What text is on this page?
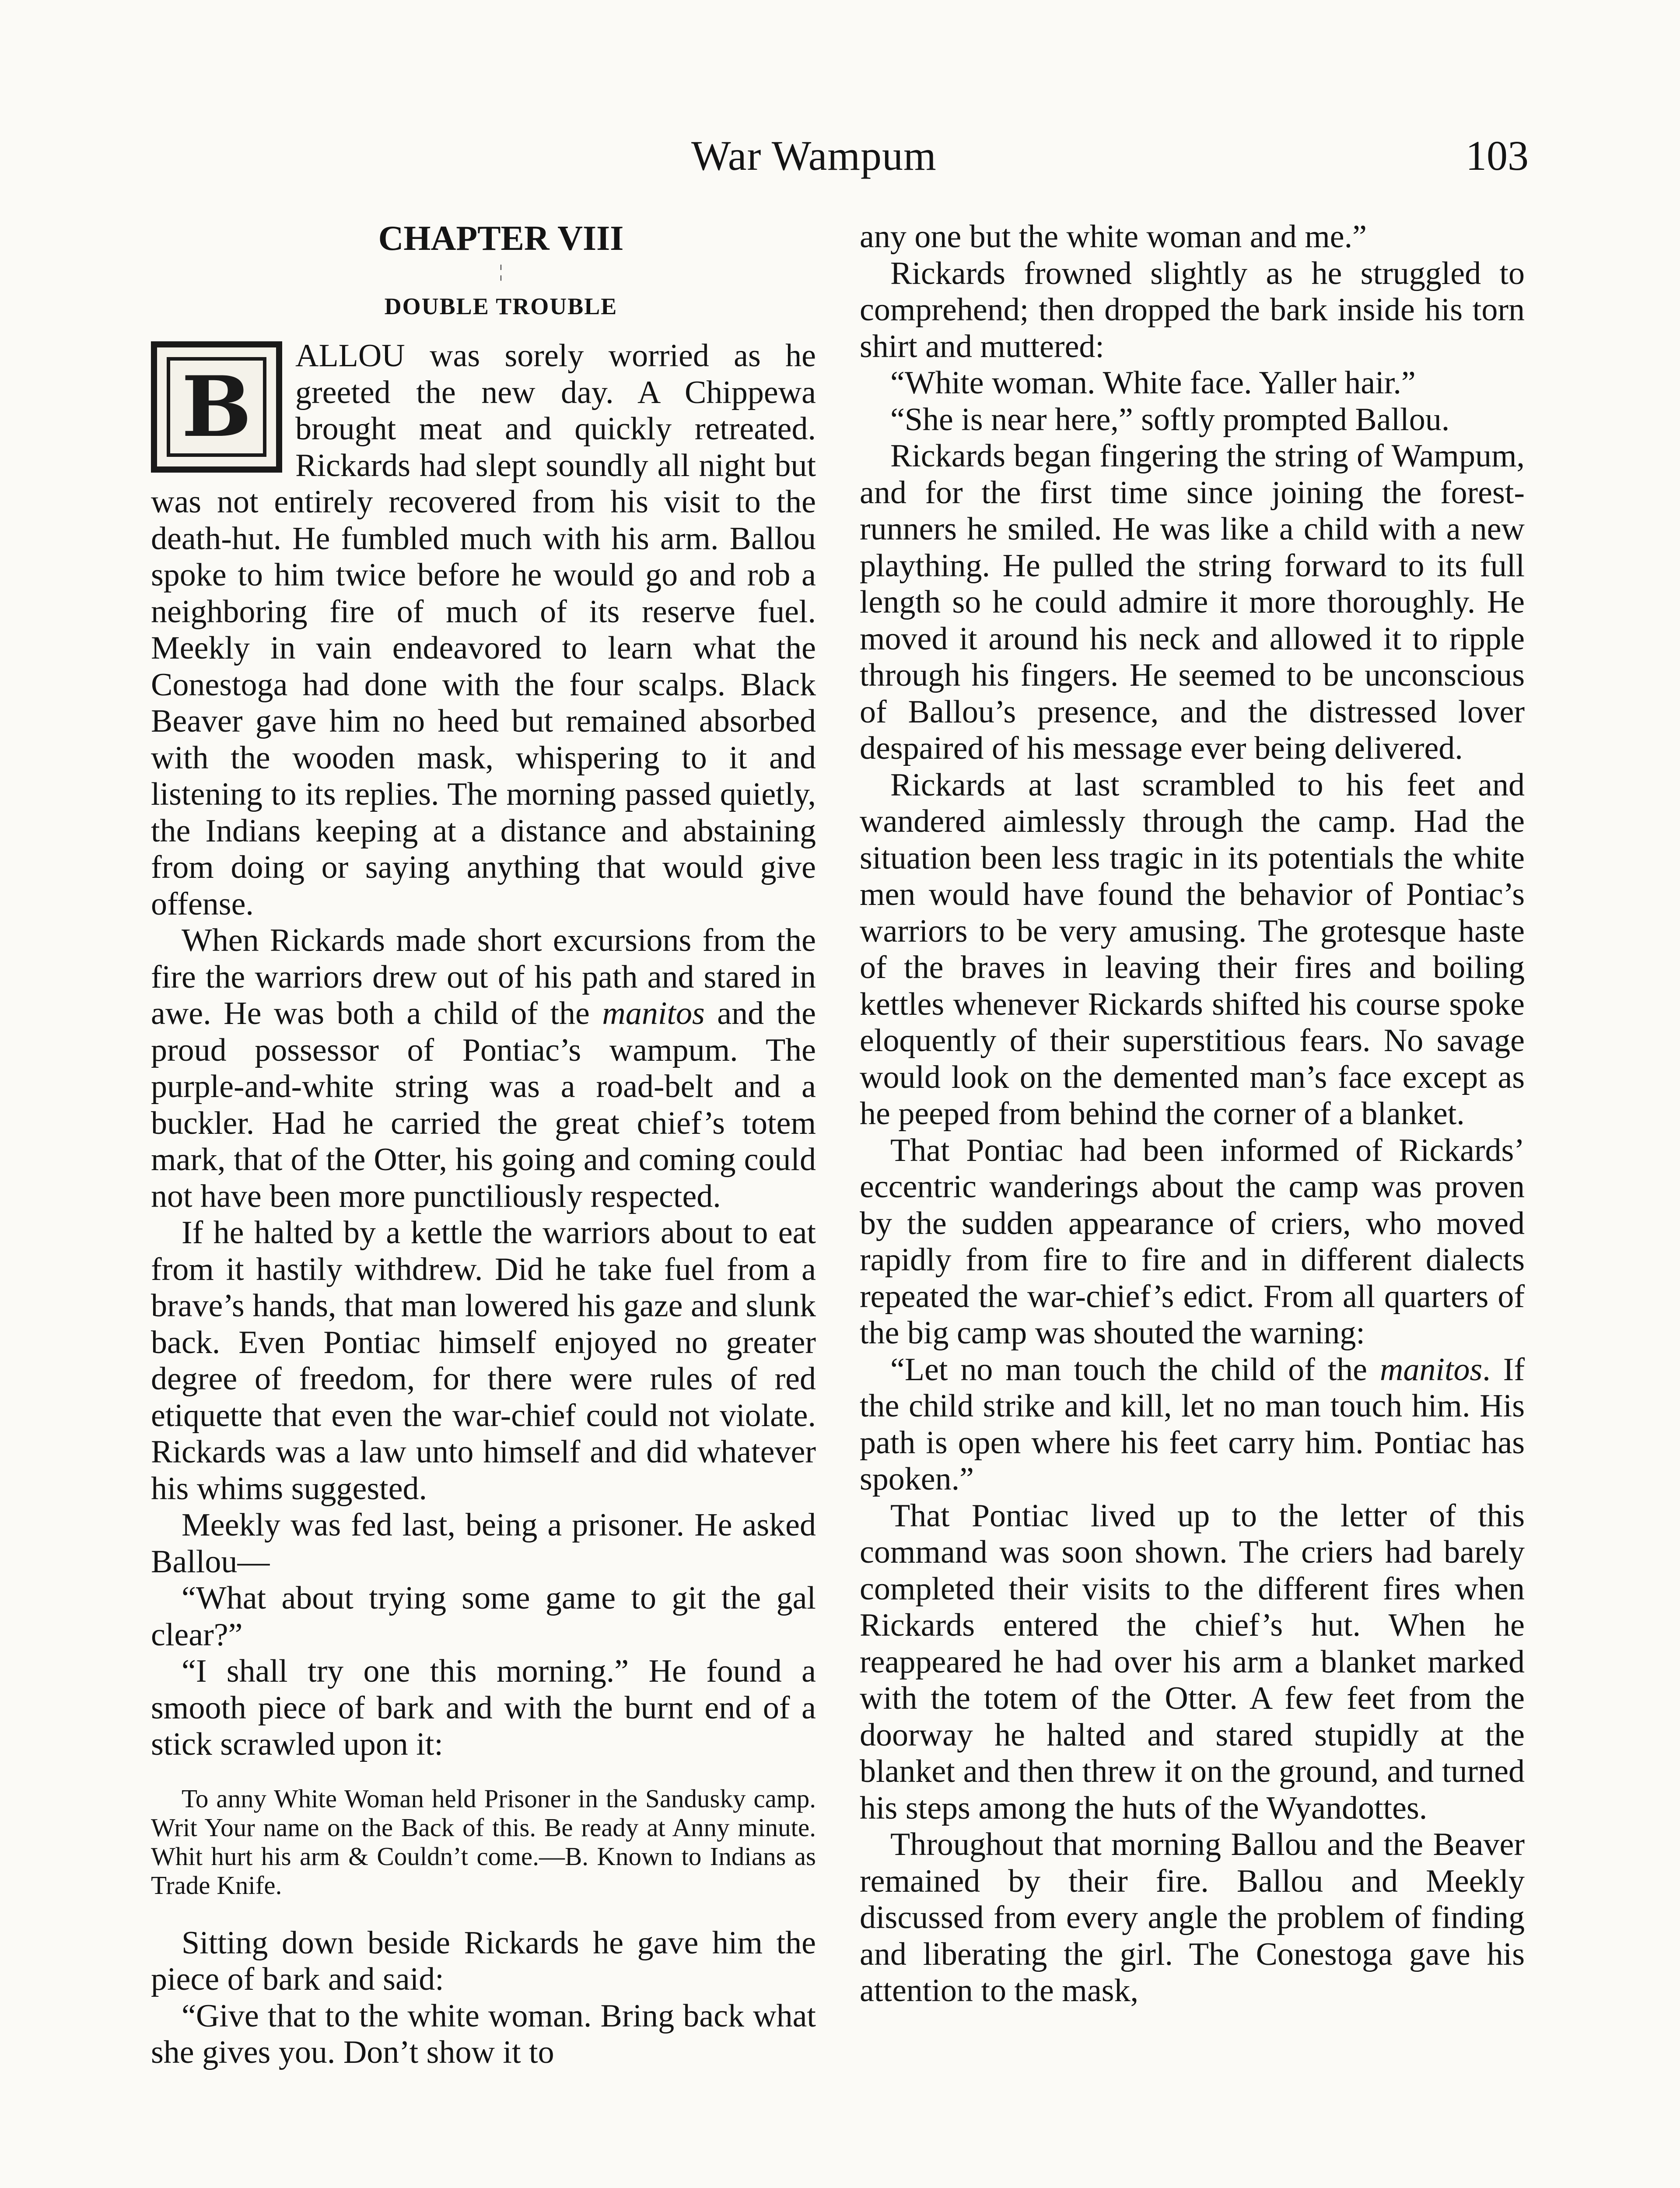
War Wampum	103
CHAPTER VIII
¦
DOUBLE TROUBLE

B
ALLOU was sorely worried as he greeted the new day. A Chippewa brought meat and quickly retreated. Rickards had slept soundly all night but was not entirely recovered from his visit to the death-hut. He fumbled much with his arm. Ballou spoke to him twice before he would go and rob a neighboring fire of much of its reserve fuel. Meekly in vain endeavored to learn what the Conestoga had done with the four scalps. Black Beaver gave him no heed but remained absorbed with the wooden mask, whispering to it and listening to its replies. The morning passed quietly, the Indians keeping at a distance and abstaining from doing or saying anything that would give offense.

When Rickards made short excursions from the fire the warriors drew out of his path and stared in awe. He was both a child of the manitos and the proud possessor of Pontiac’s wampum. The purple-and-white string was a road-belt and a buckler. Had he carried the great chief’s totem mark, that of the Otter, his going and coming could not have been more punctiliously respected.

If he halted by a kettle the warriors about to eat from it hastily withdrew. Did he take fuel from a brave’s hands, that man lowered his gaze and slunk back. Even Pontiac himself enjoyed no greater degree of freedom, for there were rules of red etiquette that even the war-chief could not violate. Rickards was a law unto himself and did whatever his whims suggested.

Meekly was fed last, being a prisoner. He asked Ballou—

“What about trying some game to git the gal clear?”

“I shall try one this morning.” He found a smooth piece of bark and with the burnt end of a stick scrawled upon it:

To anny White Woman held Prisoner in the Sandusky camp. Writ Your name on the Back of this. Be ready at Anny minute. Whit hurt his arm & Couldn’t come.—B. Known to Indians as Trade Knife.

Sitting down beside Rickards he gave him the piece of bark and said:

“Give that to the white woman. Bring back what she gives you. Don’t show it to

any one but the white woman and me.”

Rickards frowned slightly as he struggled to comprehend; then dropped the bark inside his torn shirt and muttered:

“White woman. White face. Yaller hair.”

“She is near here,” softly prompted Ballou.

Rickards began fingering the string of Wampum, and for the first time since joining the forest-runners he smiled. He was like a child with a new plaything. He pulled the string forward to its full length so he could admire it more thoroughly. He moved it around his neck and allowed it to ripple through his fingers. He seemed to be unconscious of Ballou’s presence, and the distressed lover despaired of his message ever being delivered.

Rickards at last scrambled to his feet and wandered aimlessly through the camp. Had the situation been less tragic in its potentials the white men would have found the behavior of Pontiac’s warriors to be very amusing. The grotesque haste of the braves in leaving their fires and boiling kettles whenever Rickards shifted his course spoke eloquently of their superstitious fears. No savage would look on the demented man’s face except as he peeped from behind the corner of a blanket.

That Pontiac had been informed of Rickards’ eccentric wanderings about the camp was proven by the sudden appearance of criers, who moved rapidly from fire to fire and in different dialects repeated the war-chief’s edict. From all quarters of the big camp was shouted the warning:

“Let no man touch the child of the manitos. If the child strike and kill, let no man touch him. His path is open where his feet carry him. Pontiac has spoken.”

That Pontiac lived up to the letter of this command was soon shown. The criers had barely completed their visits to the different fires when Rickards entered the chief’s hut. When he reappeared he had over his arm a blanket marked with the totem of the Otter. A few feet from the doorway he halted and stared stupidly at the blanket and then threw it on the ground, and turned his steps among the huts of the Wyandottes.

Throughout that morning Ballou and the Beaver remained by their fire. Ballou and Meekly discussed from every angle the problem of finding and liberating the girl. The Conestoga gave his attention to the mask,
